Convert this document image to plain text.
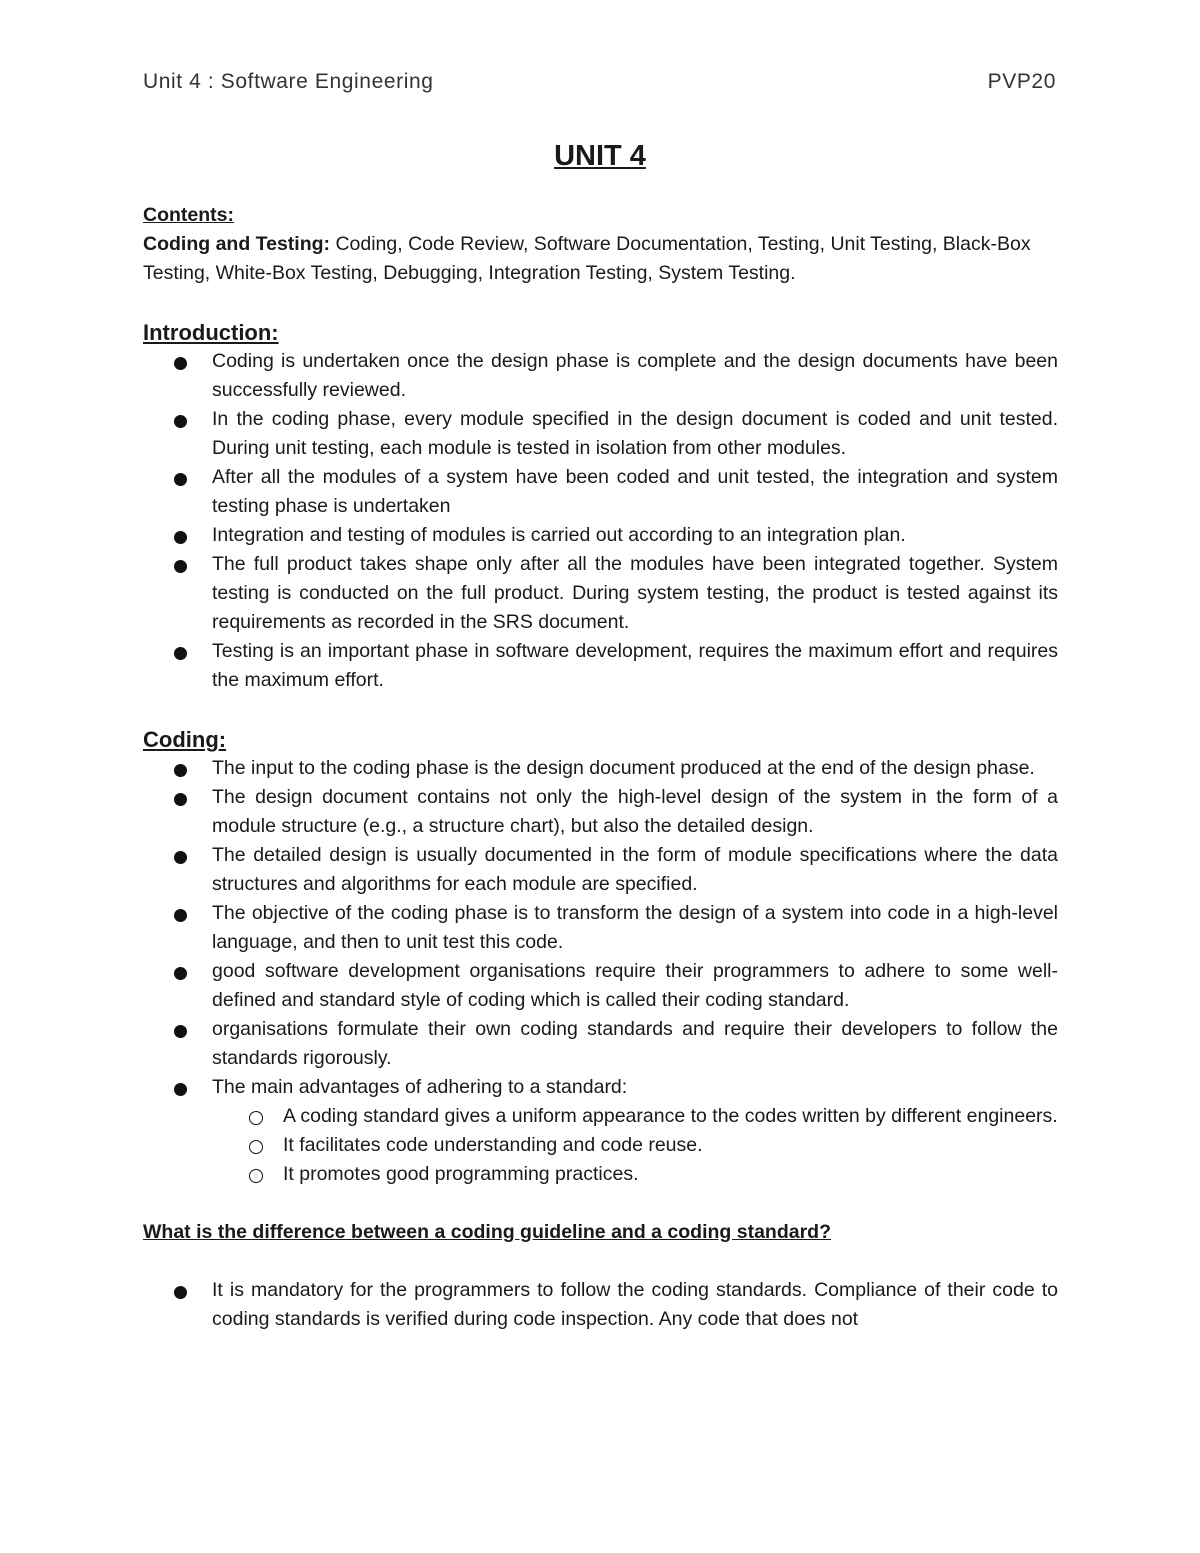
Unit 4 : Software Engineering	PVP20
UNIT 4
Contents:
Coding and Testing: Coding, Code Review, Software Documentation, Testing, Unit Testing, Black-Box Testing, White-Box Testing, Debugging, Integration Testing, System Testing.
Introduction:
Coding is undertaken once the design phase is complete and the design documents have been successfully reviewed.
In the coding phase, every module specified in the design document is coded and unit tested. During unit testing, each module is tested in isolation from other modules.
After all the modules of a system have been coded and unit tested, the integration and system testing phase is undertaken
Integration and testing of modules is carried out according to an integration plan.
The full product takes shape only after all the modules have been integrated together. System testing is conducted on the full product. During system testing, the product is tested against its requirements as recorded in the SRS document.
Testing is an important phase in software development, requires the maximum effort and requires the maximum effort.
Coding:
The input to the coding phase is the design document produced at the end of the design phase.
The design document contains not only the high-level design of the system in the form of a module structure (e.g., a structure chart), but also the detailed design.
The detailed design is usually documented in the form of module specifications where the data structures and algorithms for each module are specified.
The objective of the coding phase is to transform the design of a system into code in a high-level language, and then to unit test this code.
good software development organisations require their programmers to adhere to some well-defined and standard style of coding which is called their coding standard.
organisations formulate their own coding standards and require their developers to follow the standards rigorously.
The main advantages of adhering to a standard:
A coding standard gives a uniform appearance to the codes written by different engineers.
It facilitates code understanding and code reuse.
It promotes good programming practices.
What is the difference between a coding guideline and a coding standard?
It is mandatory for the programmers to follow the coding standards. Compliance of their code to coding standards is verified during code inspection. Any code that does not
